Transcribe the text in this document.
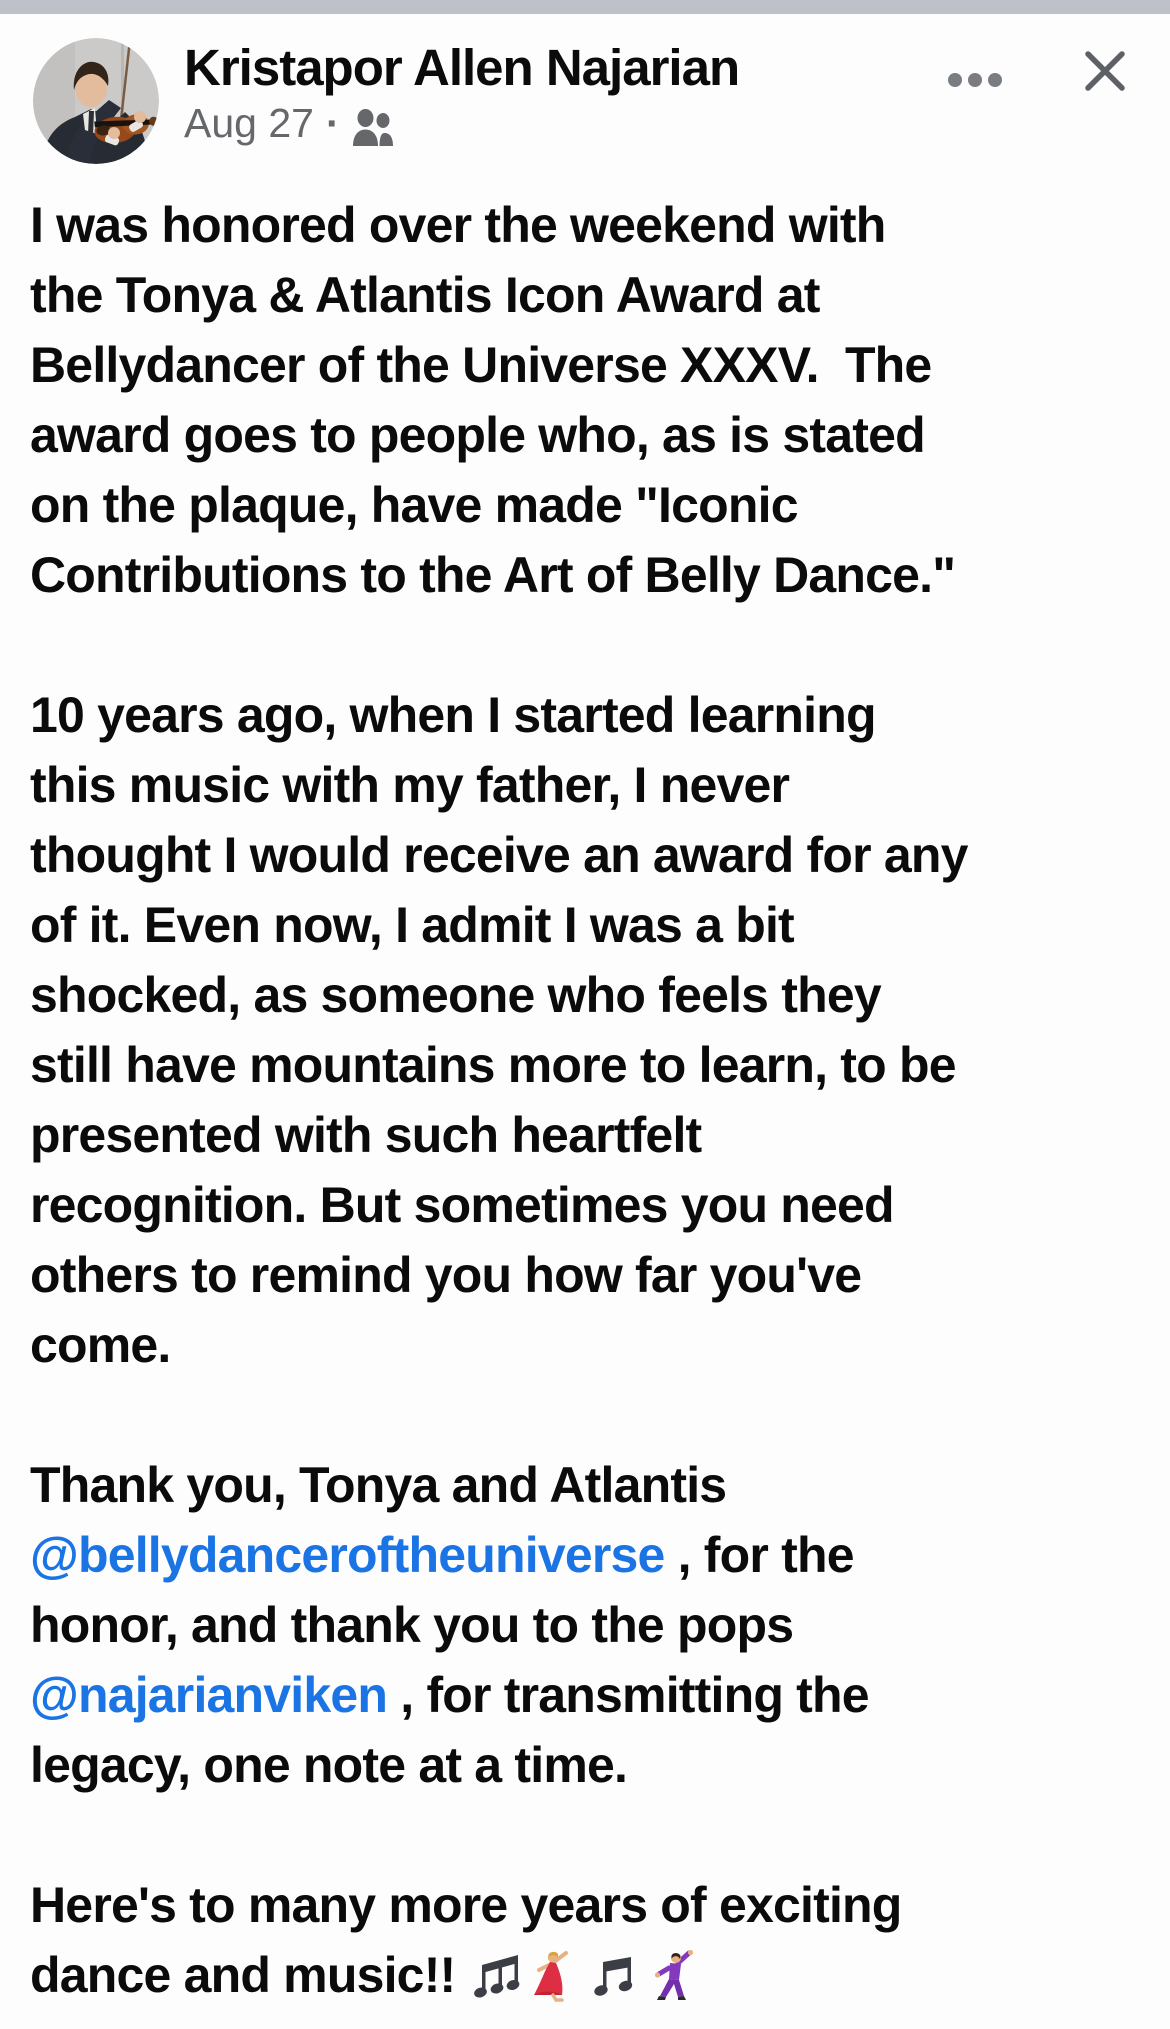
Kristapor Allen Najarian
Aug 27 ·
I was honored over the weekend with
the Tonya & Atlantis Icon Award at
Bellydancer of the Universe XXXV.  The
award goes to people who, as is stated
on the plaque, have made "Iconic
Contributions to the Art of Belly Dance."
10 years ago, when I started learning
this music with my father, I never
thought I would receive an award for any
of it. Even now, I admit I was a bit
shocked, as someone who feels they
still have mountains more to learn, to be
presented with such heartfelt
recognition. But sometimes you need
others to remind you how far you've
come.
Thank you, Tonya and Atlantis
@bellydanceroftheuniverse , for the
honor, and thank you to the pops
@najarianviken , for transmitting the
legacy, one note at a time.
Here's to many more years of exciting
dance and music!!
